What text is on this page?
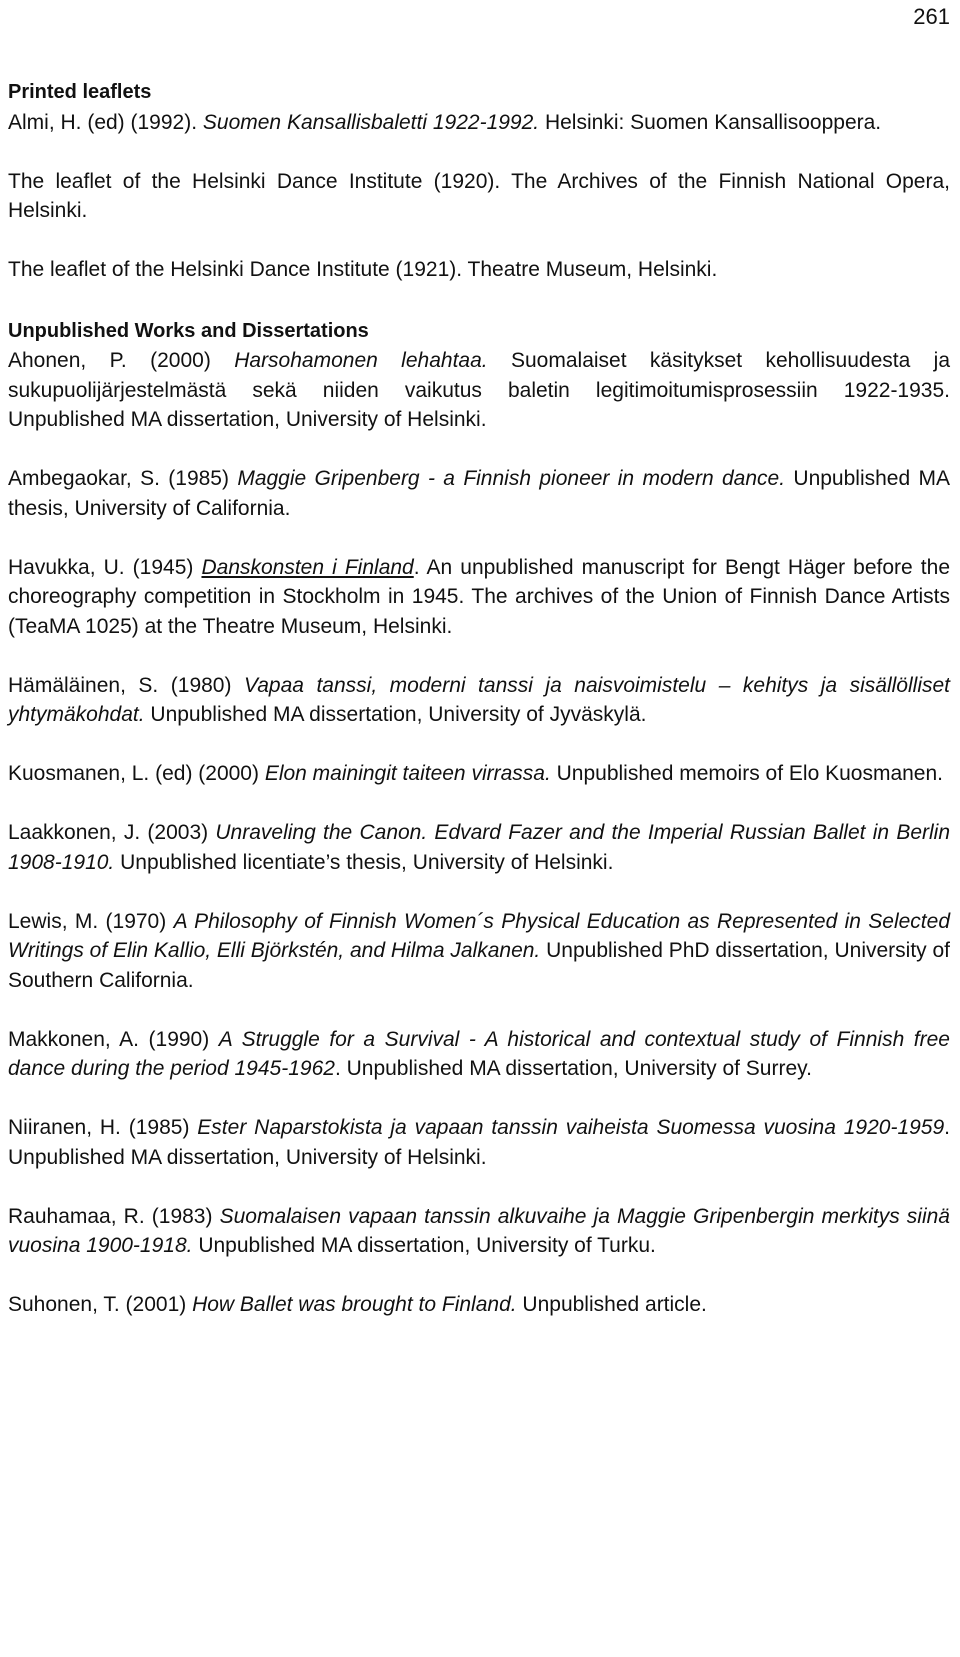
261
Printed leaflets

Almi, H. (ed) (1992). Suomen Kansallisbaletti 1922-1992. Helsinki: Suomen Kansallisooppera.

The leaflet of the Helsinki Dance Institute (1920). The Archives of the Finnish National Opera, Helsinki.

The leaflet of the Helsinki Dance Institute (1921). Theatre Museum, Helsinki.

Unpublished Works and Dissertations

Ahonen, P. (2000) Harsohamonen lehahtaa. Suomalaiset käsitykset kehollisuudesta ja sukupuolijärjestelmästä sekä niiden vaikutus baletin legitimoitumisprosessiin 1922-1935. Unpublished MA dissertation, University of Helsinki.

Ambegaokar, S. (1985) Maggie Gripenberg - a Finnish pioneer in modern dance. Unpublished MA thesis, University of California.

Havukka, U. (1945) Danskonsten i Finland. An unpublished manuscript for Bengt Häger before the choreography competition in Stockholm in 1945. The archives of the Union of Finnish Dance Artists (TeaMA 1025) at the Theatre Museum, Helsinki.

Hämäläinen, S. (1980) Vapaa tanssi, moderni tanssi ja naisvoimistelu – kehitys ja sisällölliset yhtymäkohdat. Unpublished MA dissertation, University of Jyväskylä.

Kuosmanen, L. (ed) (2000) Elon mainingit taiteen virrassa. Unpublished memoirs of Elo Kuosmanen.

Laakkonen, J. (2003) Unraveling the Canon. Edvard Fazer and the Imperial Russian Ballet in Berlin 1908-1910. Unpublished licentiate’s thesis, University of Helsinki.

Lewis, M. (1970) A Philosophy of Finnish Women´s Physical Education as Represented in Selected Writings of Elin Kallio, Elli Björkstén, and Hilma Jalkanen. Unpublished PhD dissertation, University of Southern California.

Makkonen, A. (1990) A Struggle for a Survival - A historical and contextual study of Finnish free dance during the period 1945-1962. Unpublished MA dissertation, University of Surrey.

Niiranen, H. (1985) Ester Naparstokista ja vapaan tanssin vaiheista Suomessa vuosina 1920-1959. Unpublished MA dissertation, University of Helsinki.

Rauhamaa, R. (1983) Suomalaisen vapaan tanssin alkuvaihe ja Maggie Gripenbergin merkitys siinä vuosina 1900-1918. Unpublished MA dissertation, University of Turku.

Suhonen, T. (2001) How Ballet was brought to Finland. Unpublished article.
